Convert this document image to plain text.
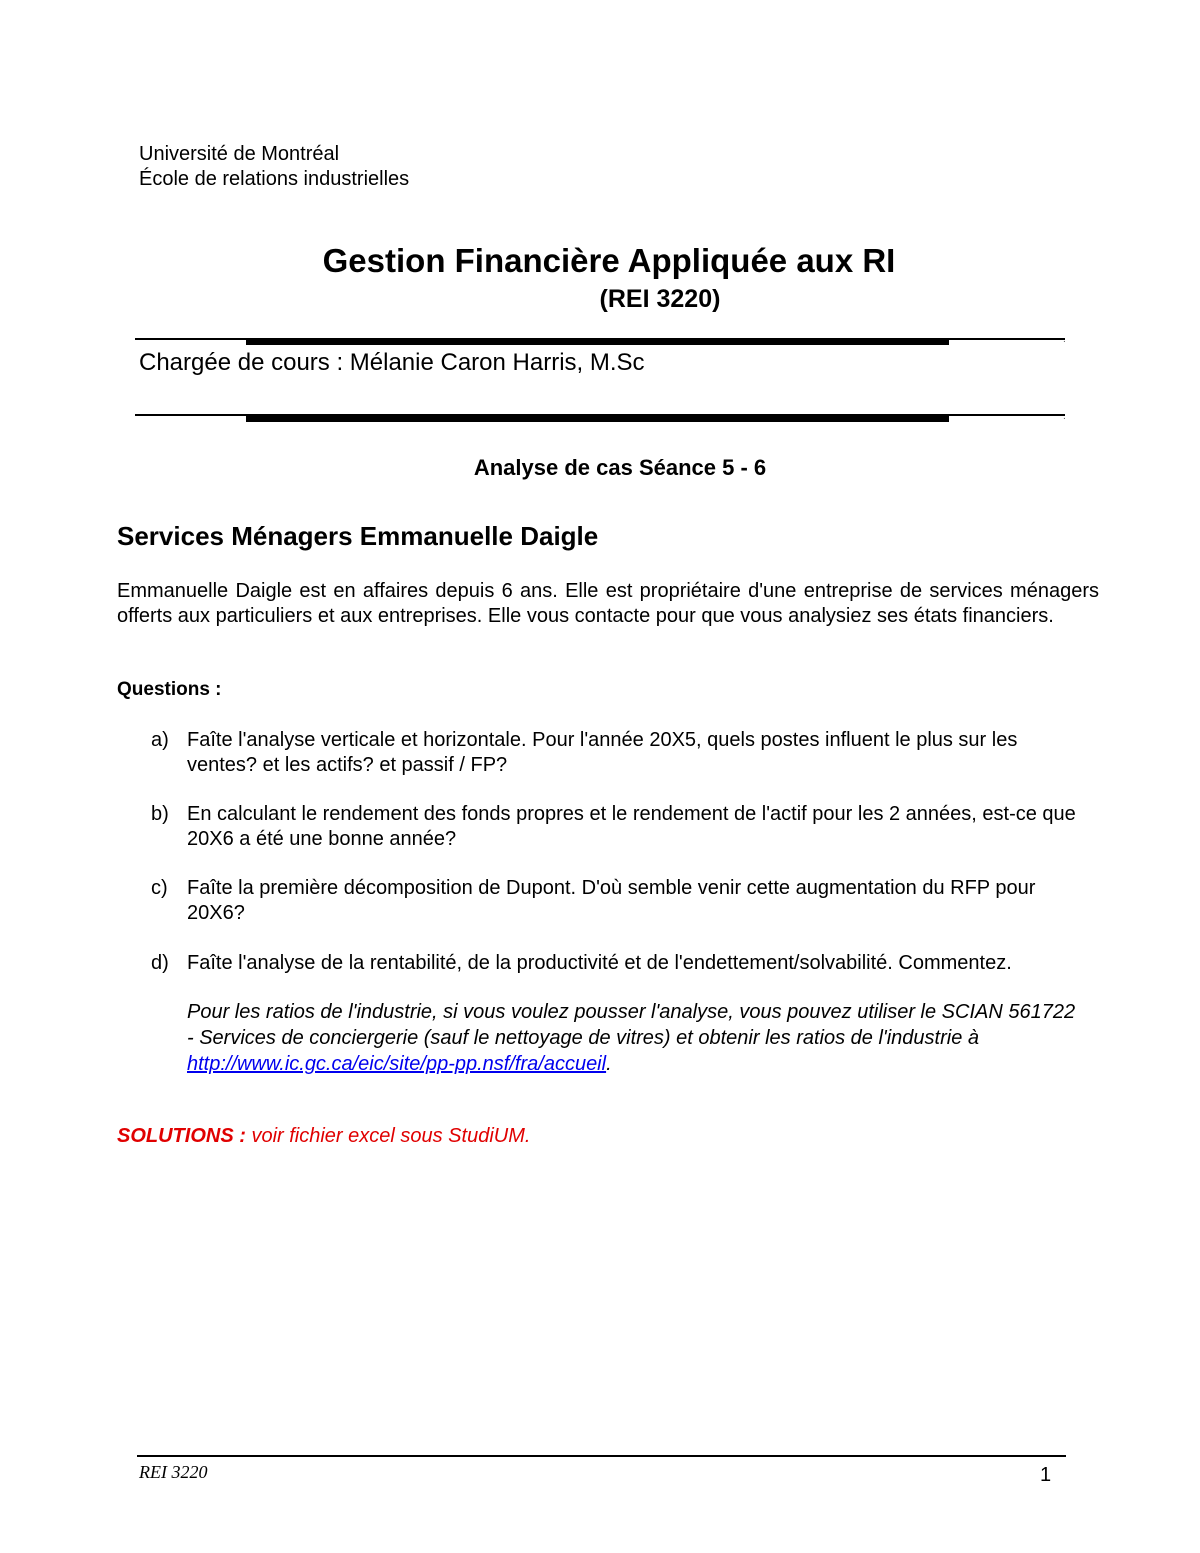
Université de Montréal
École de relations industrielles
Gestion Financière Appliquée aux RI
(REI 3220)
.
Chargée de cours : Mélanie Caron Harris, M.Sc
.
Analyse de cas Séance 5 - 6
Services Ménagers Emmanuelle Daigle
Emmanuelle Daigle est en affaires depuis 6 ans. Elle est propriétaire d'une entreprise de services ménagers offerts aux particuliers et aux entreprises. Elle vous contacte pour que vous analysiez ses états financiers.
Questions :
a) Faîte l'analyse verticale et horizontale. Pour l'année 20X5, quels postes influent le plus sur les ventes? et les actifs? et passif / FP?
b) En calculant le rendement des fonds propres et le rendement de l'actif pour les 2 années, est-ce que 20X6 a été une bonne année?
c) Faîte la première décomposition de Dupont. D'où semble venir cette augmentation du RFP pour 20X6?
d) Faîte l'analyse de la rentabilité, de la productivité et de l'endettement/solvabilité. Commentez.
Pour les ratios de l'industrie, si vous voulez pousser l'analyse, vous pouvez utiliser le SCIAN 561722 - Services de conciergerie (sauf le nettoyage de vitres) et obtenir les ratios de l'industrie à http://www.ic.gc.ca/eic/site/pp-pp.nsf/fra/accueil.
SOLUTIONS : voir fichier excel sous StudiUM.
REI 3220	1
